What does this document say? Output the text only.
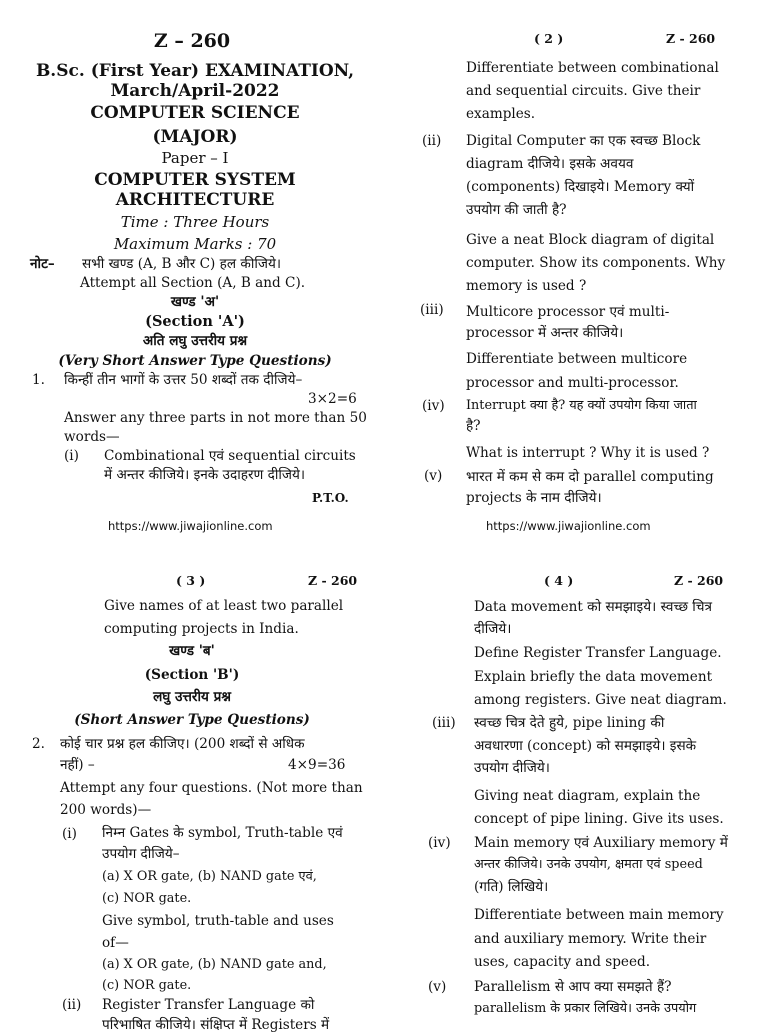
Z – 260
B.Sc. (First Year) EXAMINATION,
March/April-2022
COMPUTER SCIENCE
(MAJOR)
Paper – I
COMPUTER SYSTEM
ARCHITECTURE
Time : Three Hours
Maximum Marks : 70
नोट– सभी खण्ड (A, B और C) हल कीजिये।
Attempt all Section (A, B and C).
खण्ड 'अ'
(Section 'A')
अति लघु उत्तरीय प्रश्न
(Very Short Answer Type Questions)
1. किन्हीं तीन भागों के उत्तर 50 शब्दों तक दीजिये–
3×2=6
Answer any three parts in not more than 50
words—
(i) Combinational एवं sequential circuits
में अन्तर कीजिये। इनके उदाहरण दीजिये।
P.T.O.
https://www.jiwajionline.com
( 2 )	Z - 260
Differentiate between combinational
and sequential circuits. Give their
examples.
(ii) Digital Computer का एक स्वच्छ Block
diagram दीजिये। इसके अवयव
(components) दिखाइये। Memory क्यों
उपयोग की जाती है?
Give a neat Block diagram of digital
computer. Show its components. Why
memory is used ?
(iii) Multicore processor एवं multi-
processor में अन्तर कीजिये।
Differentiate between multicore
processor and multi-processor.
(iv) Interrupt क्या है? यह क्यों उपयोग किया जाता
है?
What is interrupt ? Why it is used ?
(v) भारत में कम से कम दो parallel computing
projects के नाम दीजिये।
https://www.jiwajionline.com
( 3 )	Z - 260
Give names of at least two parallel
computing projects in India.
खण्ड 'ब'
(Section 'B')
लघु उत्तरीय प्रश्न
(Short Answer Type Questions)
2. कोई चार प्रश्न हल कीजिए। (200 शब्दों से अधिक
नहीं) –	4×9=36
Attempt any four questions. (Not more than
200 words)—
(i) निम्न Gates के symbol, Truth-table एवं
उपयोग दीजिये–
(a) X OR gate, (b) NAND gate एवं,
(c) NOR gate.
Give symbol, truth-table and uses
of—
(a) X OR gate, (b) NAND gate and,
(c) NOR gate.
(ii) Register Transfer Language को
परिभाषित कीजिये। संक्षिप्त में Registers में
( 4 )	Z - 260
Data movement को समझाइये। स्वच्छ चित्र
दीजिये।
Define Register Transfer Language.
Explain briefly the data movement
among registers. Give neat diagram.
(iii) स्वच्छ चित्र देते हुये, pipe lining की
अवधारणा (concept) को समझाइये। इसके
उपयोग दीजिये।
Giving neat diagram, explain the
concept of pipe lining. Give its uses.
(iv) Main memory एवं Auxiliary memory में
अन्तर कीजिये। उनके उपयोग, क्षमता एवं speed
(गति) लिखिये।
Differentiate between main memory
and auxiliary memory. Write their
uses, capacity and speed.
(v) Parallelism से आप क्या समझते हैं?
parallelism के प्रकार लिखिये। उनके उपयोग
